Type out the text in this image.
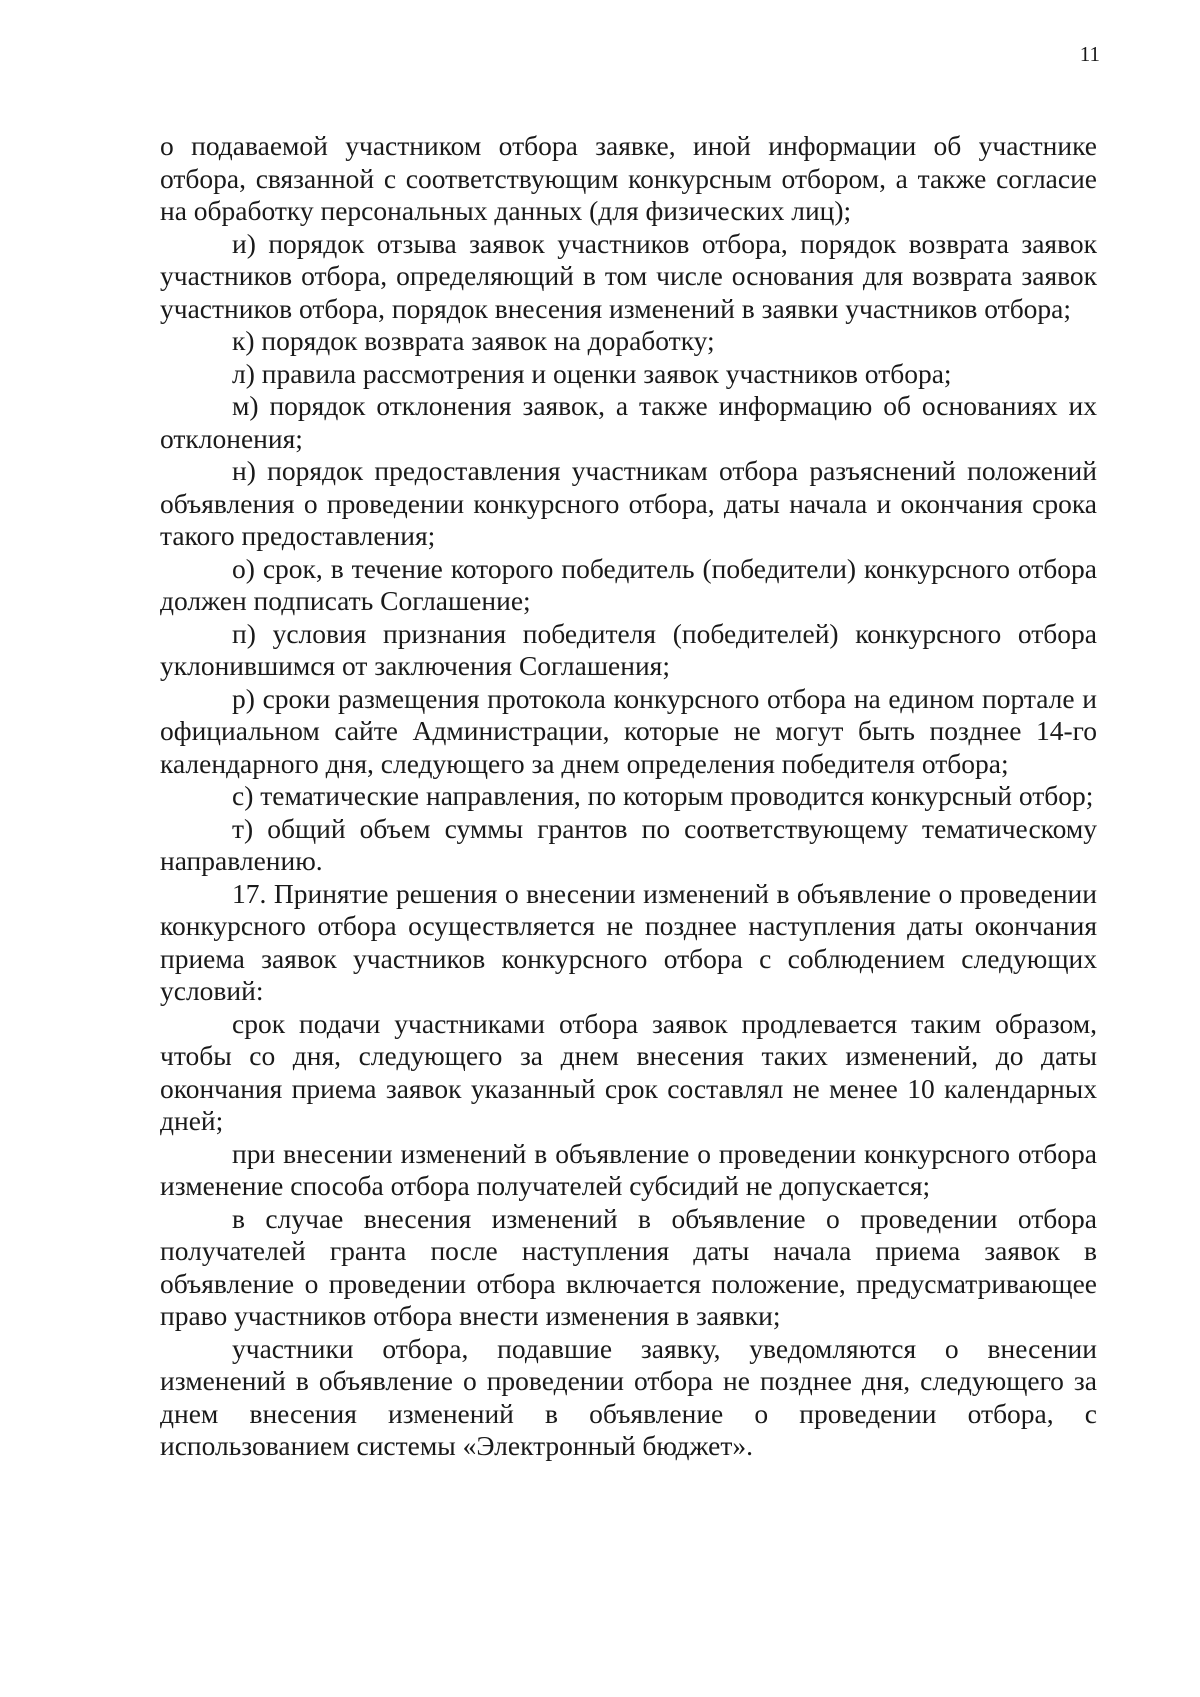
11

о подаваемой участником отбора заявке, иной информации об участнике отбора, связанной с соответствующим конкурсным отбором, а также согласие на обработку персональных данных (для физических лиц);

и) порядок отзыва заявок участников отбора, порядок возврата заявок участников отбора, определяющий в том числе основания для возврата заявок участников отбора, порядок внесения изменений в заявки участников отбора;

к) порядок возврата заявок на доработку;

л) правила рассмотрения и оценки заявок участников отбора;

м) порядок отклонения заявок, а также информацию об основаниях их отклонения;

н) порядок предоставления участникам отбора разъяснений положений объявления о проведении конкурсного отбора, даты начала и окончания срока такого предоставления;

о) срок, в течение которого победитель (победители) конкурсного отбора должен подписать Соглашение;

п) условия признания победителя (победителей) конкурсного отбора уклонившимся от заключения Соглашения;

р) сроки размещения протокола конкурсного отбора на едином портале и официальном сайте Администрации, которые не могут быть позднее 14-го календарного дня, следующего за днем определения победителя отбора;

с) тематические направления, по которым проводится конкурсный отбор;

т) общий объем суммы грантов по соответствующему тематическому направлению.

17. Принятие решения о внесении изменений в объявление о проведении конкурсного отбора осуществляется не позднее наступления даты окончания приема заявок участников конкурсного отбора с соблюдением следующих условий:

срок подачи участниками отбора заявок продлевается таким образом, чтобы со дня, следующего за днем внесения таких изменений, до даты окончания приема заявок указанный срок составлял не менее 10 календарных дней;

при внесении изменений в объявление о проведении конкурсного отбора изменение способа отбора получателей субсидий не допускается;

в случае внесения изменений в объявление о проведении отбора получателей гранта после наступления даты начала приема заявок в объявление о проведении отбора включается положение, предусматривающее право участников отбора внести изменения в заявки;

участники отбора, подавшие заявку, уведомляются о внесении изменений в объявление о проведении отбора не позднее дня, следующего за днем внесения изменений в объявление о проведении отбора, с использованием системы «Электронный бюджет».
